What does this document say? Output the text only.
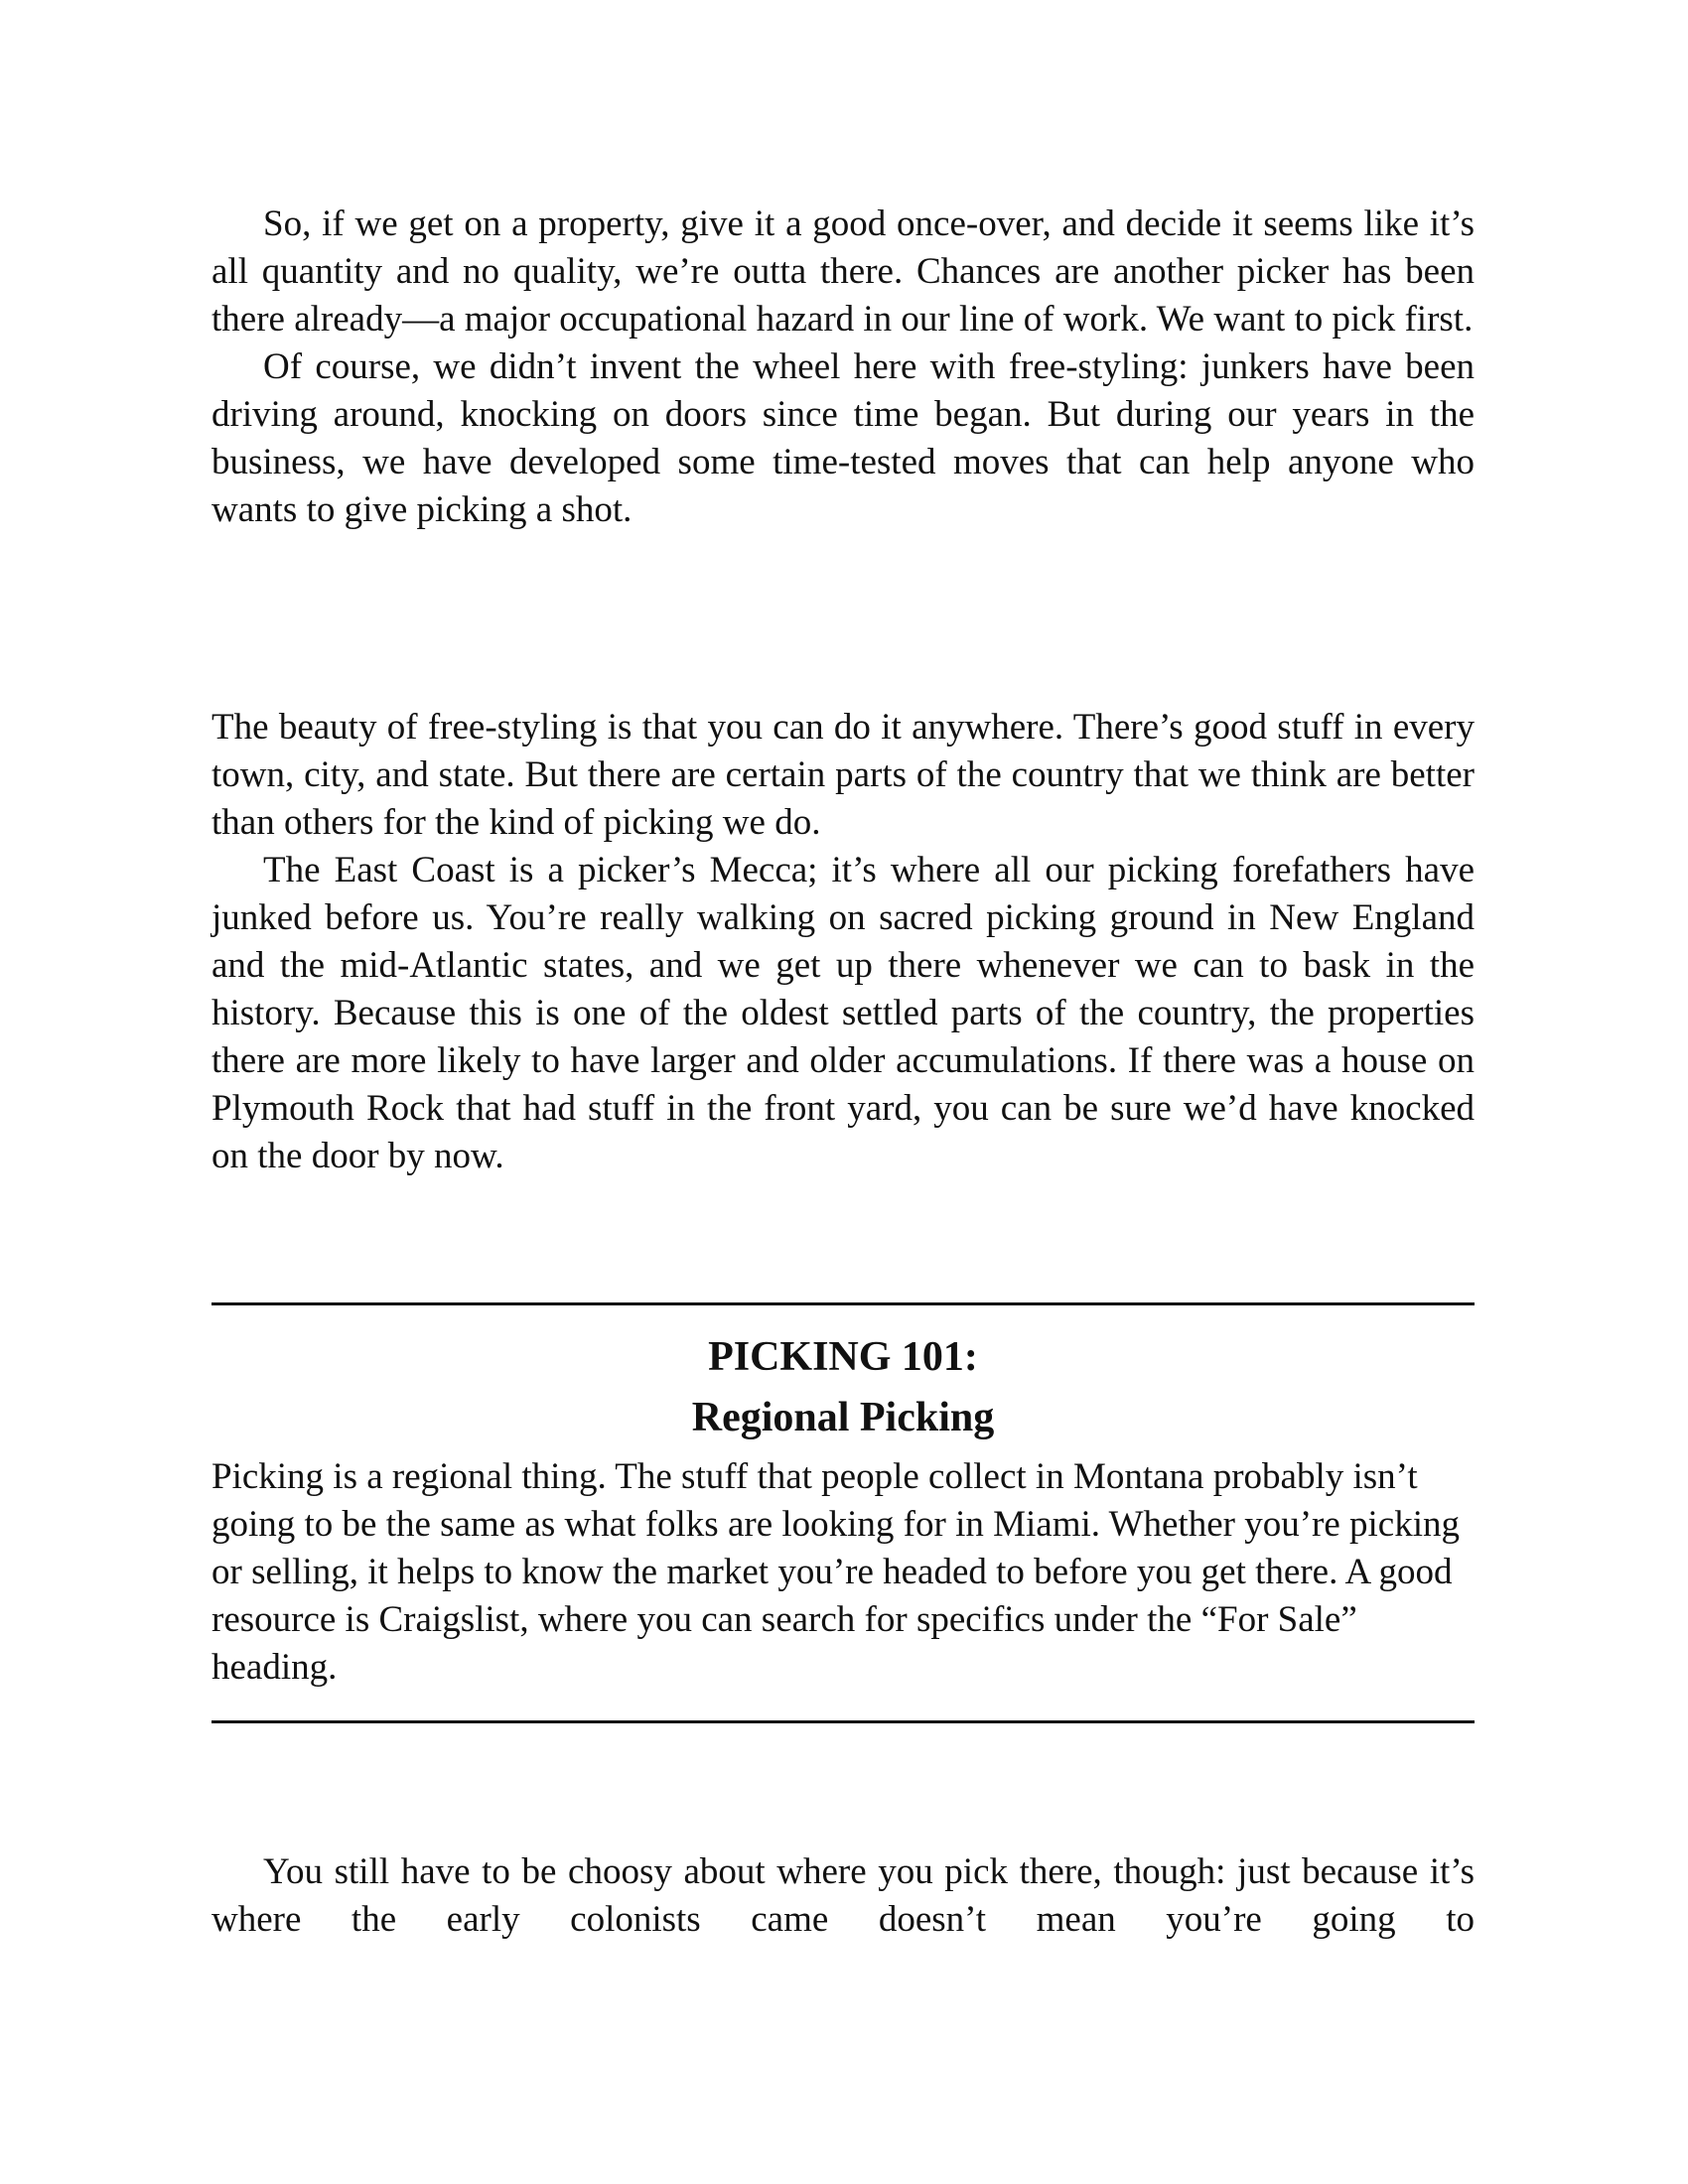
So, if we get on a property, give it a good once-over, and decide it seems like it’s all quantity and no quality, we’re outta there. Chances are another picker has been there already—a major occupational hazard in our line of work. We want to pick first.

Of course, we didn’t invent the wheel here with free-styling: junkers have been driving around, knocking on doors since time began. But during our years in the business, we have developed some time-tested moves that can help anyone who wants to give picking a shot.

The beauty of free-styling is that you can do it anywhere. There’s good stuff in every town, city, and state. But there are certain parts of the country that we think are better than others for the kind of picking we do.

The East Coast is a picker’s Mecca; it’s where all our picking forefathers have junked before us. You’re really walking on sacred picking ground in New England and the mid-Atlantic states, and we get up there whenever we can to bask in the history. Because this is one of the oldest settled parts of the country, the properties there are more likely to have larger and older accumulations. If there was a house on Plymouth Rock that had stuff in the front yard, you can be sure we’d have knocked on the door by now.

PICKING 101:

Regional Picking

Picking is a regional thing. The stuff that people collect in Montana probably isn’t going to be the same as what folks are looking for in Miami. Whether you’re picking or selling, it helps to know the market you’re headed to before you get there. A good resource is Craigslist, where you can search for specifics under the “For Sale” heading.

You still have to be choosy about where you pick there, though: just because it’s where the early colonists came doesn’t mean you’re going to
